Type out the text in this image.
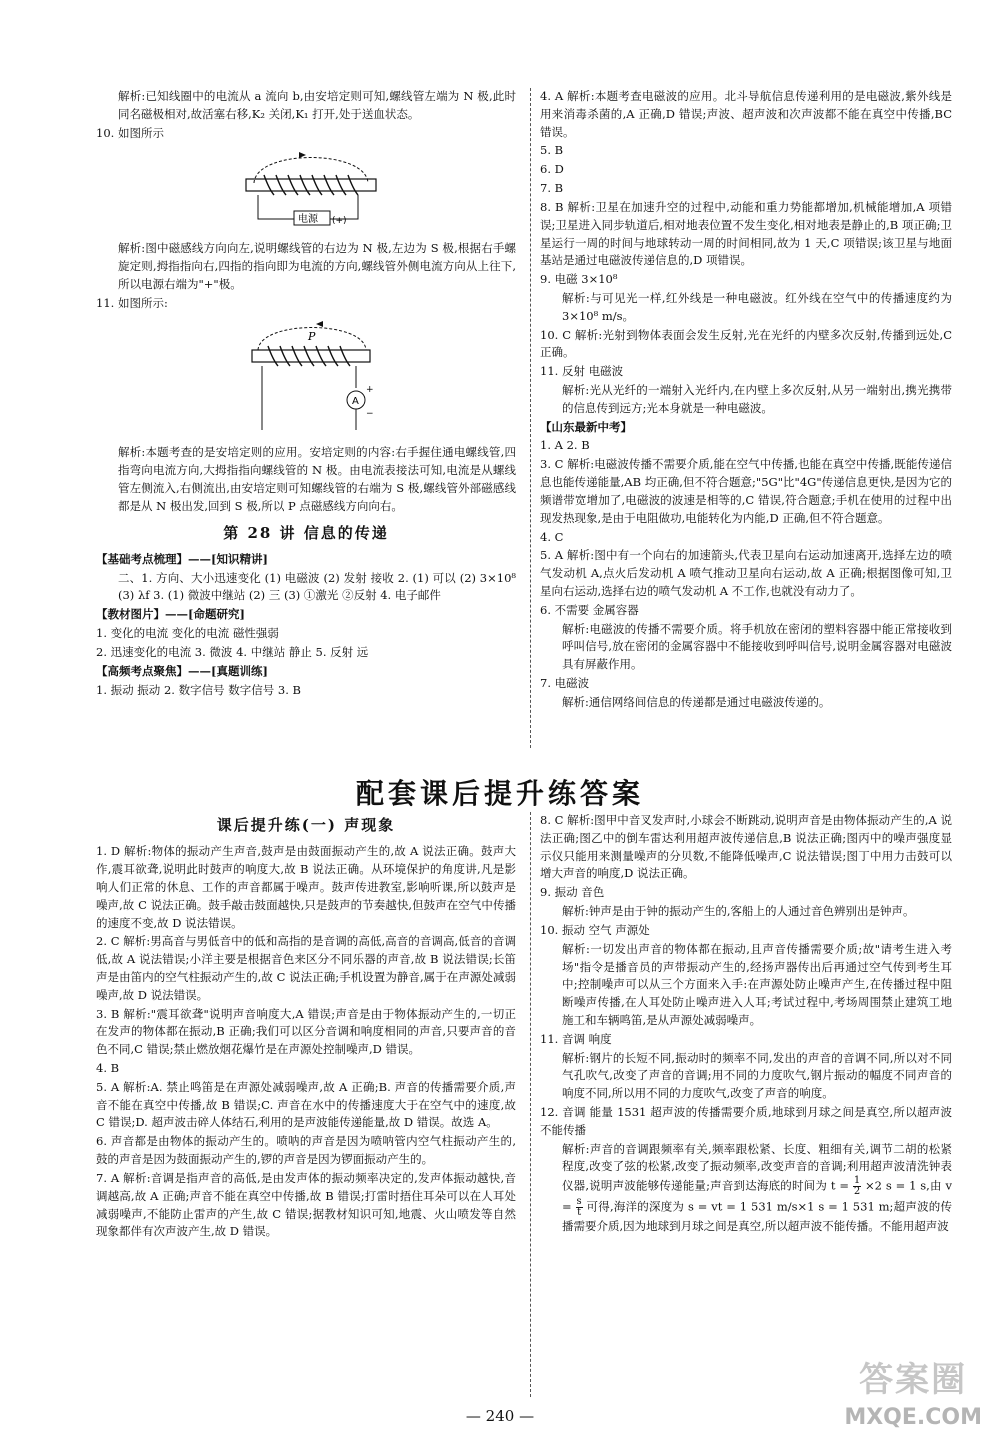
解析:已知线圈中的电流从 a 流向 b,由安培定则可知,螺线管左端为 N 极,此时同名磁极相对,故活塞右移,K₂ 关闭,K₁ 打开,处于送血状态。

10. 如图所示

电源 (+)

解析:图中磁感线方向向左,说明螺线管的右边为 N 极,左边为 S 极,根据右手螺旋定则,拇指指向右,四指的指向即为电流的方向,螺线管外侧电流方向从上往下,所以电源右端为"+"极。

11. 如图所示:

P
A
+
−

解析:本题考查的是安培定则的应用。安培定则的内容:右手握住通电螺线管,四指弯向电流方向,大拇指指向螺线管的 N 极。由电流表接法可知,电流是从螺线管左侧流入,右侧流出,由安培定则可知螺线管的右端为 S 极,螺线管外部磁感线都是从 N 极出发,回到 S 极,所以 P 点磁感线方向向右。

第 28 讲 信息的传递

【基础考点梳理】——[知识精讲]

二、1. 方向、大小迅速变化 (1) 电磁波 (2) 发射 接收 2. (1) 可以 (2) 3×10⁸ (3) λf 3. (1) 微波中继站 (2) 三 (3) ①激光 ②反射 4. 电子邮件

【教材图片】——[命题研究]

1. 变化的电流 变化的电流 磁性强弱

2. 迅速变化的电流 3. 微波 4. 中继站 静止 5. 反射 远

【高频考点聚焦】——[真题训练]

1. 振动 振动 2. 数字信号 数字信号 3. B

4. A 解析:本题考查电磁波的应用。北斗导航信息传递利用的是电磁波,紫外线是用来消毒杀菌的,A 正确,D 错误;声波、超声波和次声波都不能在真空中传播,BC 错误。

5. B

6. D

7. B

8. B 解析:卫星在加速升空的过程中,动能和重力势能都增加,机械能增加,A 项错误;卫星进入同步轨道后,相对地表位置不发生变化,相对地表是静止的,B 项正确;卫星运行一周的时间与地球转动一周的时间相同,故为 1 天,C 项错误;该卫星与地面基站是通过电磁波传递信息的,D 项错误。

9. 电磁 3×10⁸

解析:与可见光一样,红外线是一种电磁波。红外线在空气中的传播速度约为 3×10⁸ m/s。

10. C 解析:光射到物体表面会发生反射,光在光纤的内壁多次反射,传播到远处,C 正确。

11. 反射 电磁波

解析:光从光纤的一端射入光纤内,在内壁上多次反射,从另一端射出,携光携带的信息传到远方;光本身就是一种电磁波。

【山东最新中考】

1. A 2. B

3. C 解析:电磁波传播不需要介质,能在空气中传播,也能在真空中传播,既能传递信息也能传递能量,AB 均正确,但不符合题意;"5G"比"4G"传递信息更快,是因为它的频谱带宽增加了,电磁波的波速是相等的,C 错误,符合题意;手机在使用的过程中出现发热现象,是由于电阻做功,电能转化为内能,D 正确,但不符合题意。

4. C

5. A 解析:图中有一个向右的加速箭头,代表卫星向右运动加速离开,选择左边的喷气发动机 A,点火后发动机 A 喷气推动卫星向右运动,故 A 正确;根据图像可知,卫星向右运动,选择右边的喷气发动机 A 不工作,也就没有动力了。

6. 不需要 金属容器

解析:电磁波的传播不需要介质。将手机放在密闭的塑料容器中能正常接收到呼叫信号,放在密闭的金属容器中不能接收到呼叫信号,说明金属容器对电磁波具有屏蔽作用。

7. 电磁波

解析:通信网络间信息的传递都是通过电磁波传递的。

配套课后提升练答案
课后提升练(一) 声现象

1. D 解析:物体的振动产生声音,鼓声是由鼓面振动产生的,故 A 说法正确。鼓声大作,震耳欲聋,说明此时鼓声的响度大,故 B 说法正确。从环境保护的角度讲,凡是影响人们正常的休息、工作的声音都属于噪声。鼓声传进教室,影响听课,所以鼓声是噪声,故 C 说法正确。鼓手敲击鼓面越快,只是鼓声的节奏越快,但鼓声在空气中传播的速度不变,故 D 说法错误。

2. C 解析:男高音与男低音中的低和高指的是音调的高低,高音的音调高,低音的音调低,故 A 说法错误;小洋主要是根据音色来区分不同乐器的声音,故 B 说法错误;长笛声是由笛内的空气柱振动产生的,故 C 说法正确;手机设置为静音,属于在声源处减弱噪声,故 D 说法错误。

3. B 解析:"震耳欲聋"说明声音响度大,A 错误;声音是由于物体振动产生的,一切正在发声的物体都在振动,B 正确;我们可以区分音调和响度相同的声音,只要声音的音色不同,C 错误;禁止燃放烟花爆竹是在声源处控制噪声,D 错误。

4. B

5. A 解析:A. 禁止鸣笛是在声源处减弱噪声,故 A 正确;B. 声音的传播需要介质,声音不能在真空中传播,故 B 错误;C. 声音在水中的传播速度大于在空气中的速度,故 C 错误;D. 超声波击碎人体结石,利用的是声波能传递能量,故 D 错误。故选 A。

6. 声音都是由物体的振动产生的。喷呐的声音是因为喷呐管内空气柱振动产生的,鼓的声音是因为鼓面振动产生的,锣的声音是因为锣面振动产生的。

7. A 解析:音调是指声音的高低,是由发声体的振动频率决定的,发声体振动越快,音调越高,故 A 正确;声音不能在真空中传播,故 B 错误;打雷时捂住耳朵可以在人耳处减弱噪声,不能防止雷声的产生,故 C 错误;据教材知识可知,地震、火山喷发等自然现象都伴有次声波产生,故 D 错误。

8. C 解析:图甲中音叉发声时,小球会不断跳动,说明声音是由物体振动产生的,A 说法正确;图乙中的倒车雷达利用超声波传递信息,B 说法正确;图丙中的噪声强度显示仪只能用来测量噪声的分贝数,不能降低噪声,C 说法错误;图丁中用力击鼓可以增大声音的响度,D 说法正确。

9. 振动 音色

解析:钟声是由于钟的振动产生的,客船上的人通过音色辨别出是钟声。

10. 振动 空气 声源处

解析:一切发出声音的物体都在振动,且声音传播需要介质;故"请考生进入考场"指令是播音员的声带振动产生的,经扬声器传出后再通过空气传到考生耳中;控制噪声可以从三个方面来入手:在声源处防止噪声产生,在传播过程中阻断噪声传播,在人耳处防止噪声进入人耳;考试过程中,考场周围禁止建筑工地施工和车辆鸣笛,是从声源处减弱噪声。

11. 音调 响度

解析:钢片的长短不同,振动时的频率不同,发出的声音的音调不同,所以对不同气孔吹气,改变了声音的音调;用不同的力度吹气,钢片振动的幅度不同声音的响度不同,所以用不同的力度吹气,改变了声音的响度。

12. 音调 能量 1531 超声波的传播需要介质,地球到月球之间是真空,所以超声波不能传播

解析:声音的音调跟频率有关,频率跟松紧、长度、粗细有关,调节二胡的松紧程度,改变了弦的松紧,改变了振动频率,改变声音的音调;利用超声波清洗钟表仪器,说明声波能够传递能量;声音到达海底的时间为 $t = \frac{1}{2} \times 2$ s = 1 s,由 $v = \frac{s}{t}$ 可得,海洋的深度为 s = vt = 1 531 m/s×1 s = 1 531 m;超声波的传播需要介质,因为地球到月球之间是真空,所以超声波不能传播。不能用超声波

— 240 —
答案圈
MXQE.COM
